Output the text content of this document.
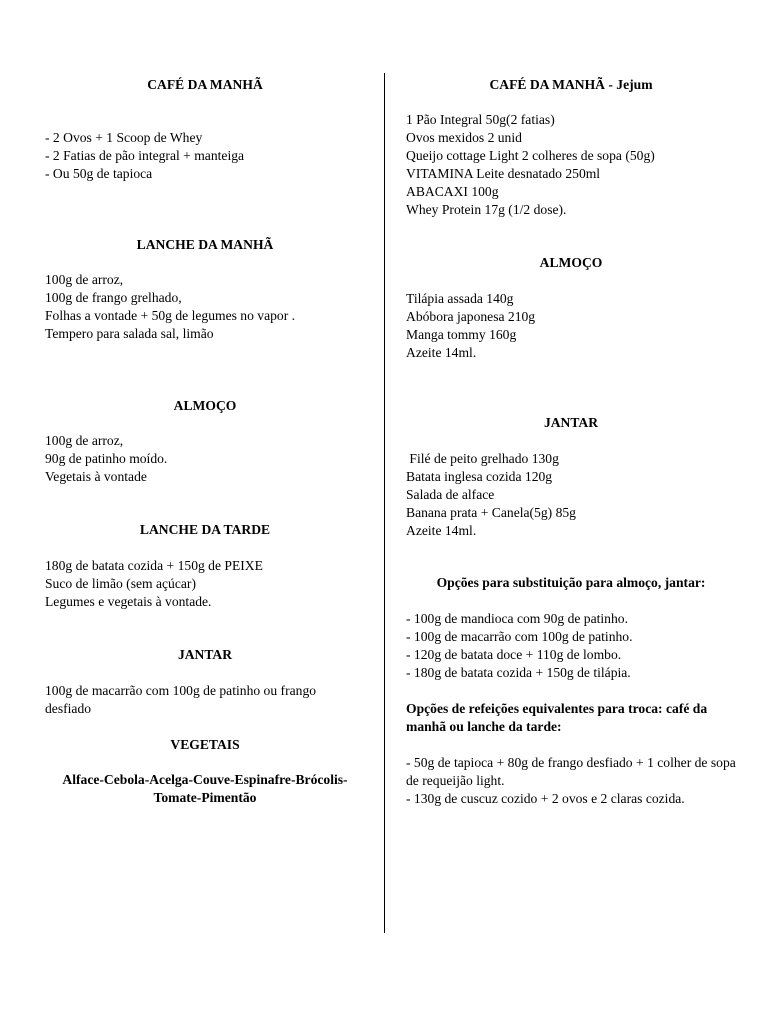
CAFÉ DA MANHÃ
- 2 Ovos + 1 Scoop de Whey
- 2 Fatias de pão integral + manteiga
- Ou 50g de tapioca
LANCHE DA MANHÃ
100g de arroz,
100g de frango grelhado,
Folhas a vontade + 50g de legumes no vapor .
Tempero para salada sal, limão
ALMOÇO
100g de arroz,
90g de patinho moído.
Vegetais à vontade
LANCHE DA TARDE
180g de batata cozida + 150g de PEIXE
Suco de limão (sem açúcar)
Legumes e vegetais à vontade.
JANTAR
100g de macarrão com 100g de patinho ou frango desfiado
VEGETAIS
Alface-Cebola-Acelga-Couve-Espinafre-Brócolis-Tomate-Pimentão
CAFÉ DA MANHÃ - Jejum
1 Pão Integral 50g(2 fatias)
Ovos mexidos 2 unid
Queijo cottage Light 2 colheres de sopa (50g)
VITAMINA Leite desnatado 250ml
ABACAXI 100g
Whey Protein 17g (1/2 dose).
ALMOÇO
Tilápia assada 140g
Abóbora japonesa 210g
Manga tommy 160g
Azeite 14ml.
JANTAR
Filé de peito grelhado 130g
Batata inglesa cozida 120g
Salada de alface
Banana prata + Canela(5g) 85g
Azeite 14ml.
Opções para substituição para almoço, jantar:
- 100g de mandioca com 90g de patinho.
- 100g de macarrão com 100g de patinho.
- 120g de batata doce + 110g de lombo.
- 180g de batata cozida + 150g de tilápia.
Opções de refeições equivalentes para troca: café da manhã ou lanche da tarde:
- 50g de tapioca + 80g de frango desfiado + 1 colher de sopa de requeijão light.
- 130g de cuscuz cozido + 2 ovos e 2 claras cozida.
